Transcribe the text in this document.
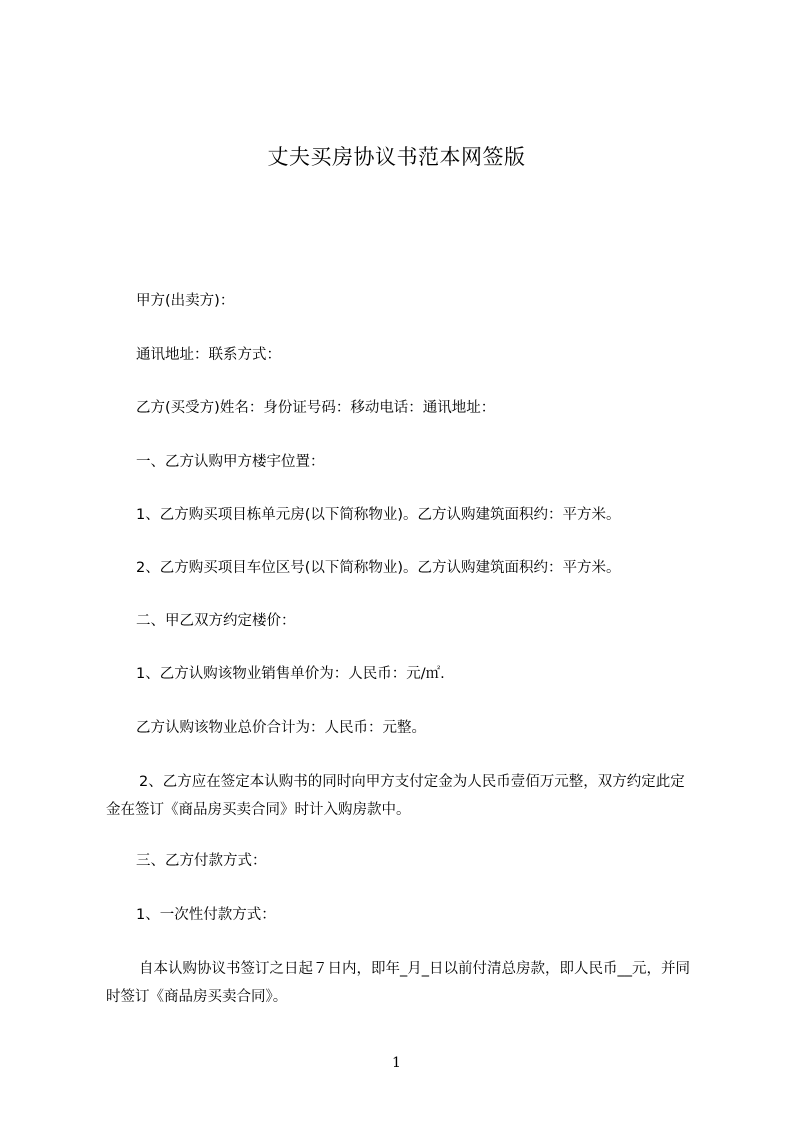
丈夫买房协议书范本网签版
甲方(出卖方)：
通讯地址：联系方式：
乙方(买受方)姓名：身份证号码：移动电话：通讯地址：
一、乙方认购甲方楼宇位置：
1、乙方购买项目栋单元房(以下简称物业)。乙方认购建筑面积约：平方米。
2、乙方购买项目车位区号(以下简称物业)。乙方认购建筑面积约：平方米。
二、甲乙双方约定楼价：
1、乙方认购该物业销售单价为：人民币：元/㎡.
乙方认购该物业总价合计为：人民币：元整。
2、乙方应在签定本认购书的同时向甲方支付定金为人民币壹佰万元整，双方约定此定金在签订《商品房买卖合同》时计入购房款中。
三、乙方付款方式：
1、一次性付款方式：
自本认购协议书签订之日起７日内，即年_月_日以前付清总房款，即人民币__元，并同时签订《商品房买卖合同》。
1
